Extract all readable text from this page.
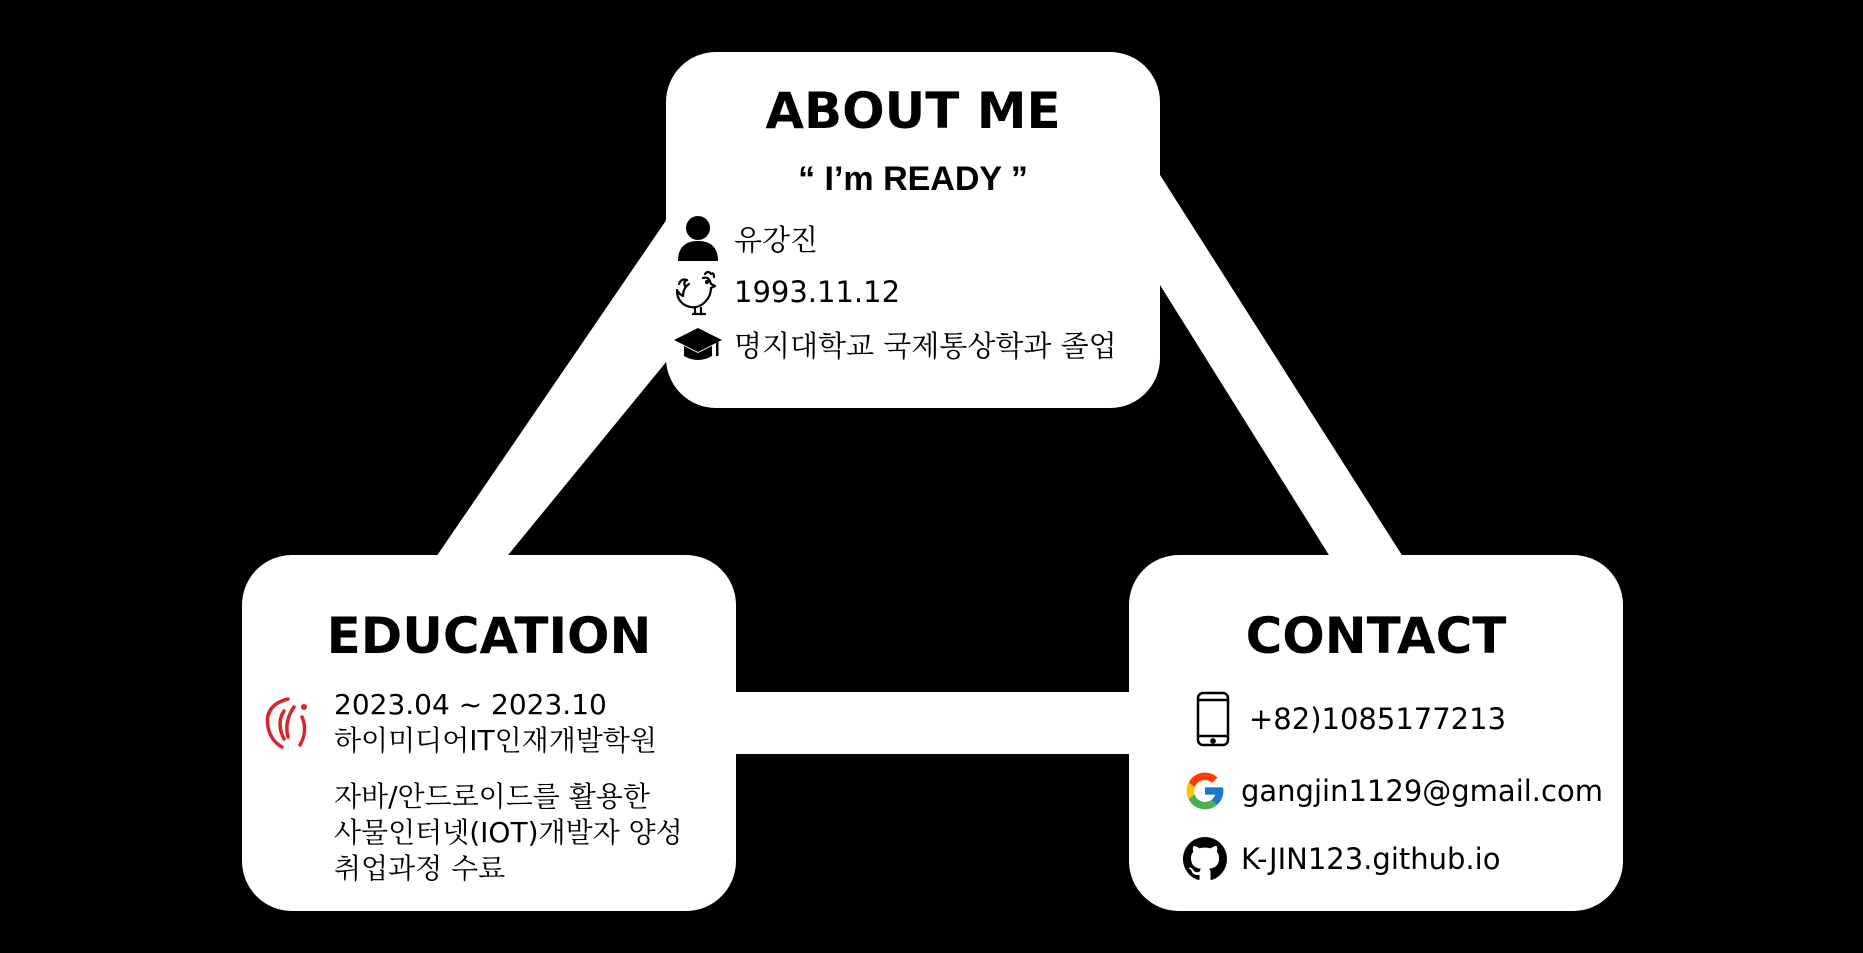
ABOUT ME
“ I’m READY ”
유강진
1993.11.12
명지대학교 국제통상학과 졸업
EDUCATION
2023.04 ~ 2023.10
하이미디어IT인재개발학원
자바/안드로이드를 활용한
사물인터넷(IOT)개발자 양성
취업과정 수료
CONTACT
+82)1085177213
gangjin1129@gmail.com
K-JIN123.github.io
